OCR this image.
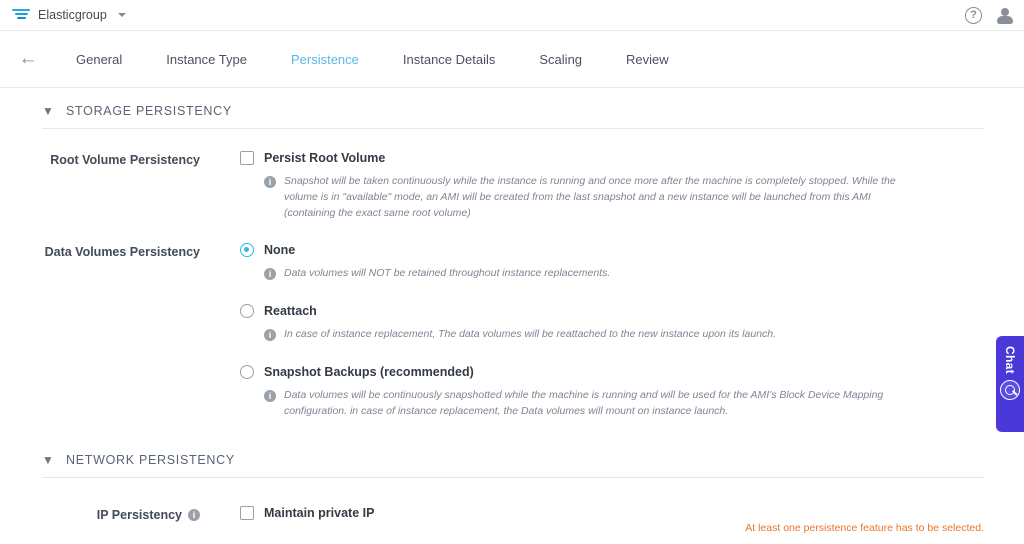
Elasticgroup	?
←	General	Instance Type	Persistence	Instance Details	Scaling	Review
▼ STORAGE PERSISTENCY
Root Volume Persistency	Persist Root Volume
i	Snapshot will be taken continuously while the instance is running and once more after the machine is completely stopped. While the volume is in "available" mode, an AMI will be created from the last snapshot and a new instance will be launched from this AMI (containing the exact same root volume)
Data Volumes Persistency	None
i	Data volumes will NOT be retained throughout instance replacements.
Reattach
i	In case of instance replacement, The data volumes will be reattached to the new instance upon its launch.
Snapshot Backups (recommended)
i	Data volumes will be continuously snapshotted while the machine is running and will be used for the AMI's Block Device Mapping configuration. in case of instance replacement, the Data volumes will mount on instance launch.
▼ NETWORK PERSISTENCY
IP Persistency	i	Maintain private IP
At least one persistence feature has to be selected.
Chat
